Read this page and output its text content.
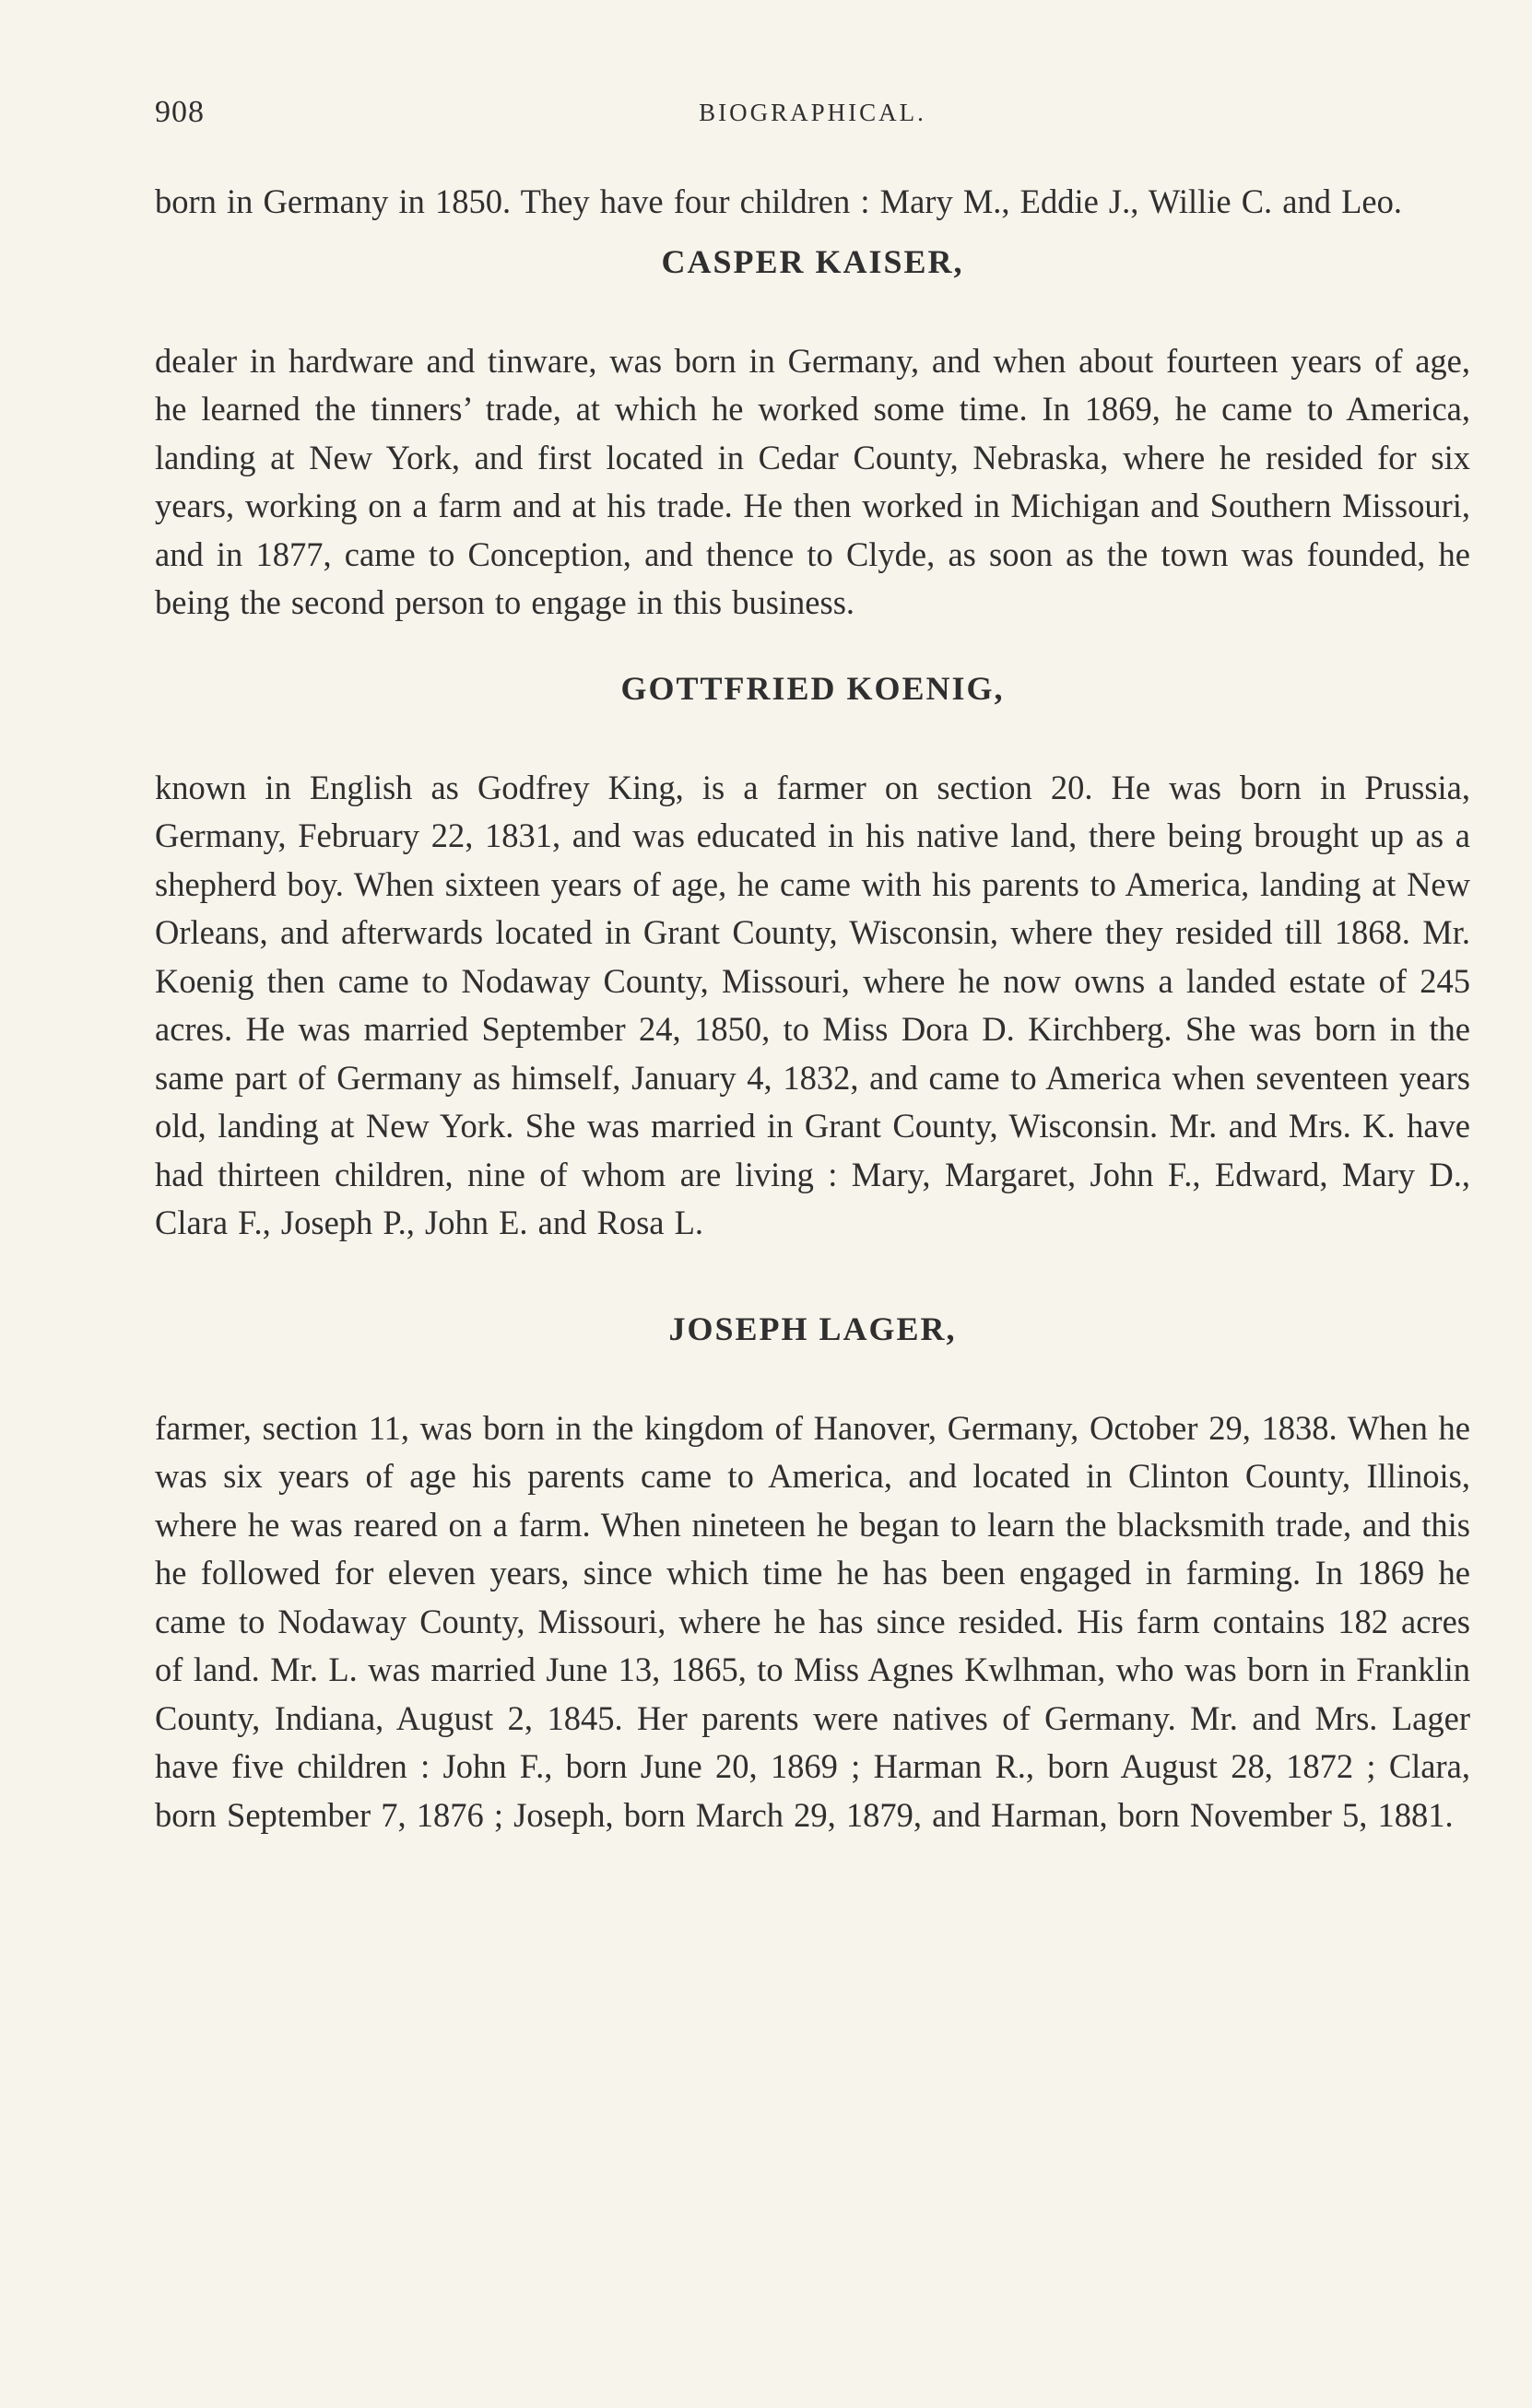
908	BIOGRAPHICAL.

born in Germany in 1850. They have four children : Mary M., Eddie J., Willie C. and Leo.

CASPER KAISER,

dealer in hardware and tinware, was born in Germany, and when about fourteen years of age, he learned the tinners’ trade, at which he worked some time. In 1869, he came to America, landing at New York, and first located in Cedar County, Nebraska, where he resided for six years, working on a farm and at his trade. He then worked in Michigan and Southern Missouri, and in 1877, came to Conception, and thence to Clyde, as soon as the town was founded, he being the second person to engage in this business.

GOTTFRIED KOENIG,

known in English as Godfrey King, is a farmer on section 20. He was born in Prussia, Germany, February 22, 1831, and was educated in his native land, there being brought up as a shepherd boy. When sixteen years of age, he came with his parents to America, landing at New Orleans, and afterwards located in Grant County, Wisconsin, where they resided till 1868. Mr. Koenig then came to Nodaway County, Missouri, where he now owns a landed estate of 245 acres. He was married September 24, 1850, to Miss Dora D. Kirchberg. She was born in the same part of Germany as himself, January 4, 1832, and came to America when seventeen years old, landing at New York. She was married in Grant County, Wisconsin. Mr. and Mrs. K. have had thirteen children, nine of whom are living : Mary, Margaret, John F., Edward, Mary D., Clara F., Joseph P., John E. and Rosa L.

JOSEPH LAGER,

farmer, section 11, was born in the kingdom of Hanover, Germany, October 29, 1838. When he was six years of age his parents came to America, and located in Clinton County, Illinois, where he was reared on a farm. When nineteen he began to learn the blacksmith trade, and this he followed for eleven years, since which time he has been engaged in farming. In 1869 he came to Nodaway County, Missouri, where he has since resided. His farm contains 182 acres of land. Mr. L. was married June 13, 1865, to Miss Agnes Kwlhman, who was born in Franklin County, Indiana, August 2, 1845. Her parents were natives of Germany. Mr. and Mrs. Lager have five children : John F., born June 20, 1869 ; Harman R., born August 28, 1872 ; Clara, born September 7, 1876 ; Joseph, born March 29, 1879, and Harman, born November 5, 1881.
